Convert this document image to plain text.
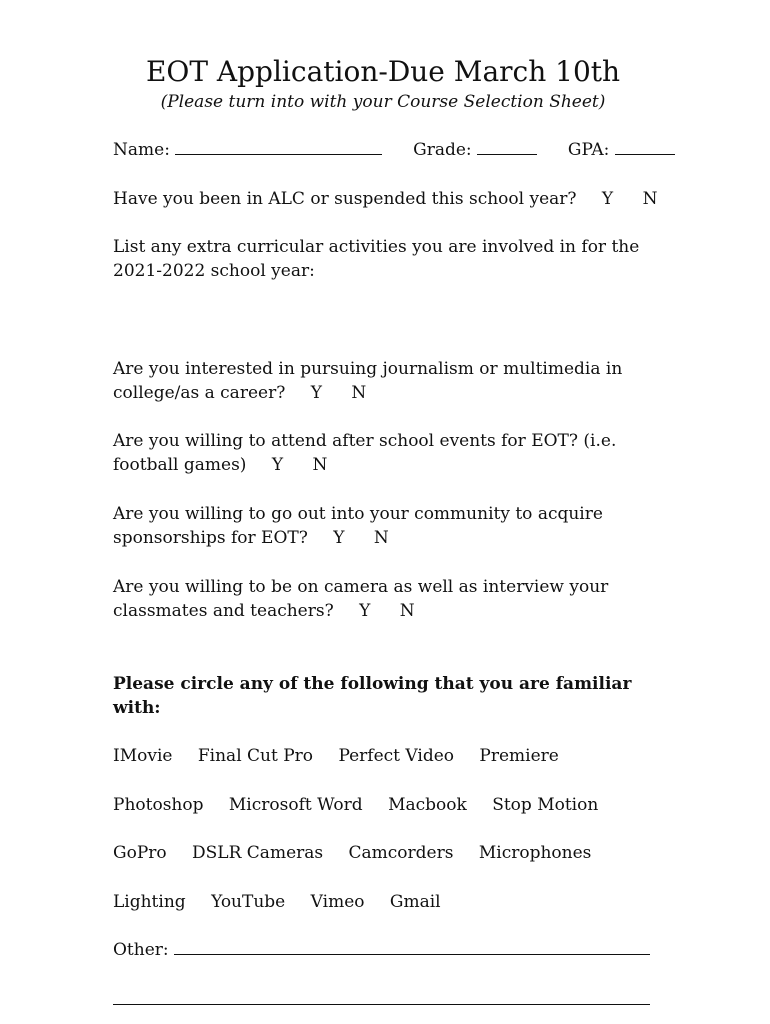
EOT Application-Due March 10th
(Please turn into with your Course Selection Sheet)
Name:	Grade:	GPA:
Have you been in ALC or suspended this school year? Y N
List any extra curricular activities you are involved in for the 2021-2022 school year:
Are you interested in pursuing journalism or multimedia in college/as a career? Y N
Are you willing to attend after school events for EOT? (i.e. football games) Y N
Are you willing to go out into your community to acquire sponsorships for EOT? Y N
Are you willing to be on camera as well as interview your classmates and teachers? Y N
Please circle any of the following that you are familiar with:
IMovie Final Cut Pro Perfect Video Premiere
Photoshop Microsoft Word Macbook Stop Motion
GoPro DSLR Cameras Camcorders Microphones
Lighting YouTube Vimeo Gmail
Other:
